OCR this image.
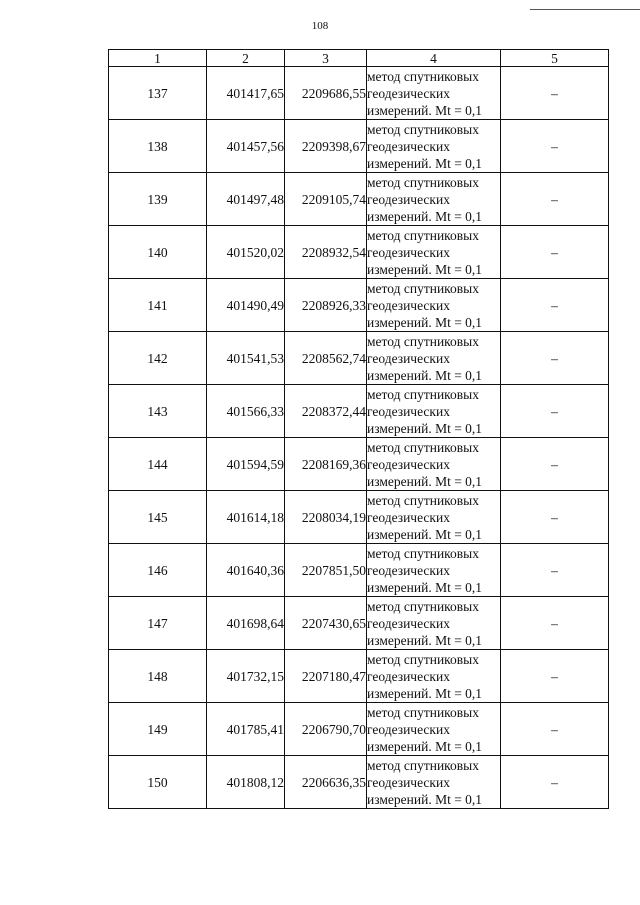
108
1	2	3	4	5
137	401417,65	2209686,55	метод спутниковых
геодезических
измерений. Mt = 0,1	–
138	401457,56	2209398,67	метод спутниковых
геодезических
измерений. Mt = 0,1	–
139	401497,48	2209105,74	метод спутниковых
геодезических
измерений. Mt = 0,1	–
140	401520,02	2208932,54	метод спутниковых
геодезических
измерений. Mt = 0,1	–
141	401490,49	2208926,33	метод спутниковых
геодезических
измерений. Mt = 0,1	–
142	401541,53	2208562,74	метод спутниковых
геодезических
измерений. Mt = 0,1	–
143	401566,33	2208372,44	метод спутниковых
геодезических
измерений. Mt = 0,1	–
144	401594,59	2208169,36	метод спутниковых
геодезических
измерений. Mt = 0,1	–
145	401614,18	2208034,19	метод спутниковых
геодезических
измерений. Mt = 0,1	–
146	401640,36	2207851,50	метод спутниковых
геодезических
измерений. Mt = 0,1	–
147	401698,64	2207430,65	метод спутниковых
геодезических
измерений. Mt = 0,1	–
148	401732,15	2207180,47	метод спутниковых
геодезических
измерений. Mt = 0,1	–
149	401785,41	2206790,70	метод спутниковых
геодезических
измерений. Mt = 0,1	–
150	401808,12	2206636,35	метод спутниковых
геодезических
измерений. Mt = 0,1	–
